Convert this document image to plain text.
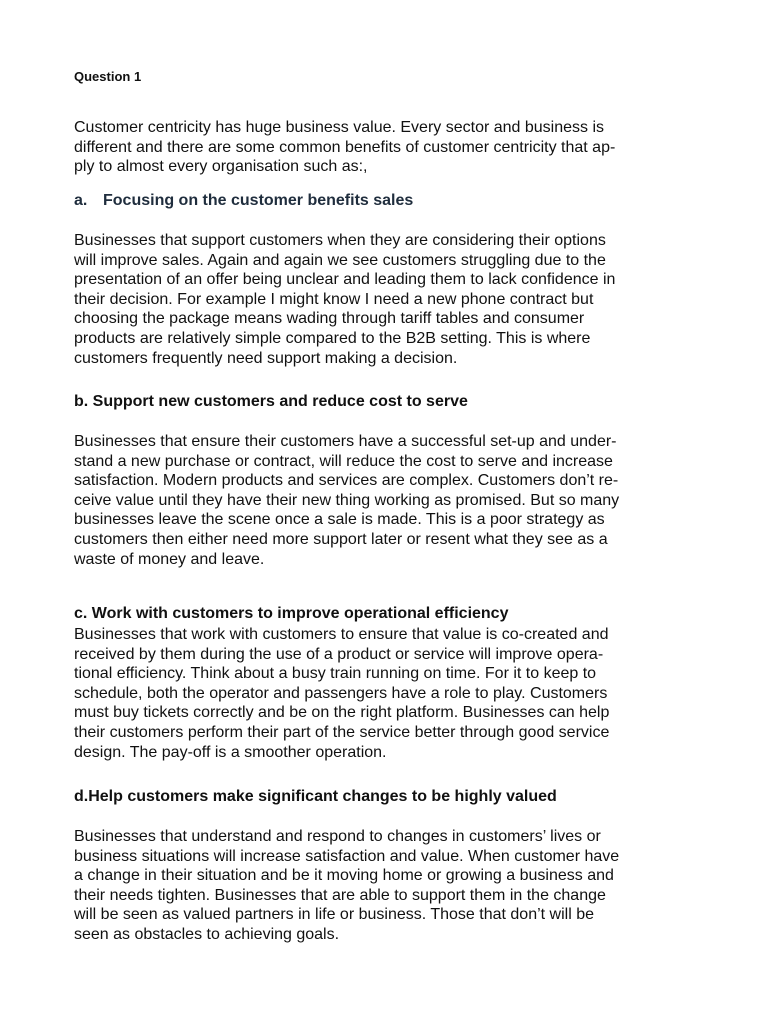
Question 1

Customer centricity has huge business value. Every sector and business is
different and there are some common benefits of customer centricity that ap-
ply to almost every organisation such as:,

a. Focusing on the customer benefits sales

Businesses that support customers when they are considering their options
will improve sales. Again and again we see customers struggling due to the
presentation of an offer being unclear and leading them to lack confidence in
their decision. For example I might know I need a new phone contract but
choosing the package means wading through tariff tables and consumer
products are relatively simple compared to the B2B setting. This is where
customers frequently need support making a decision.

b. Support new customers and reduce cost to serve

Businesses that ensure their customers have a successful set-up and under-
stand a new purchase or contract, will reduce the cost to serve and increase
satisfaction. Modern products and services are complex. Customers don’t re-
ceive value until they have their new thing working as promised. But so many
businesses leave the scene once a sale is made. This is a poor strategy as
customers then either need more support later or resent what they see as a
waste of money and leave.

c. Work with customers to improve operational efficiency

Businesses that work with customers to ensure that value is co-created and
received by them during the use of a product or service will improve opera-
tional efficiency. Think about a busy train running on time. For it to keep to
schedule, both the operator and passengers have a role to play. Customers
must buy tickets correctly and be on the right platform. Businesses can help
their customers perform their part of the service better through good service
design. The pay-off is a smoother operation.

d.Help customers make significant changes to be highly valued

Businesses that understand and respond to changes in customers’ lives or
business situations will increase satisfaction and value. When customer have
a change in their situation and be it moving home or growing a business and
their needs tighten. Businesses that are able to support them in the change
will be seen as valued partners in life or business. Those that don’t will be
seen as obstacles to achieving goals.
